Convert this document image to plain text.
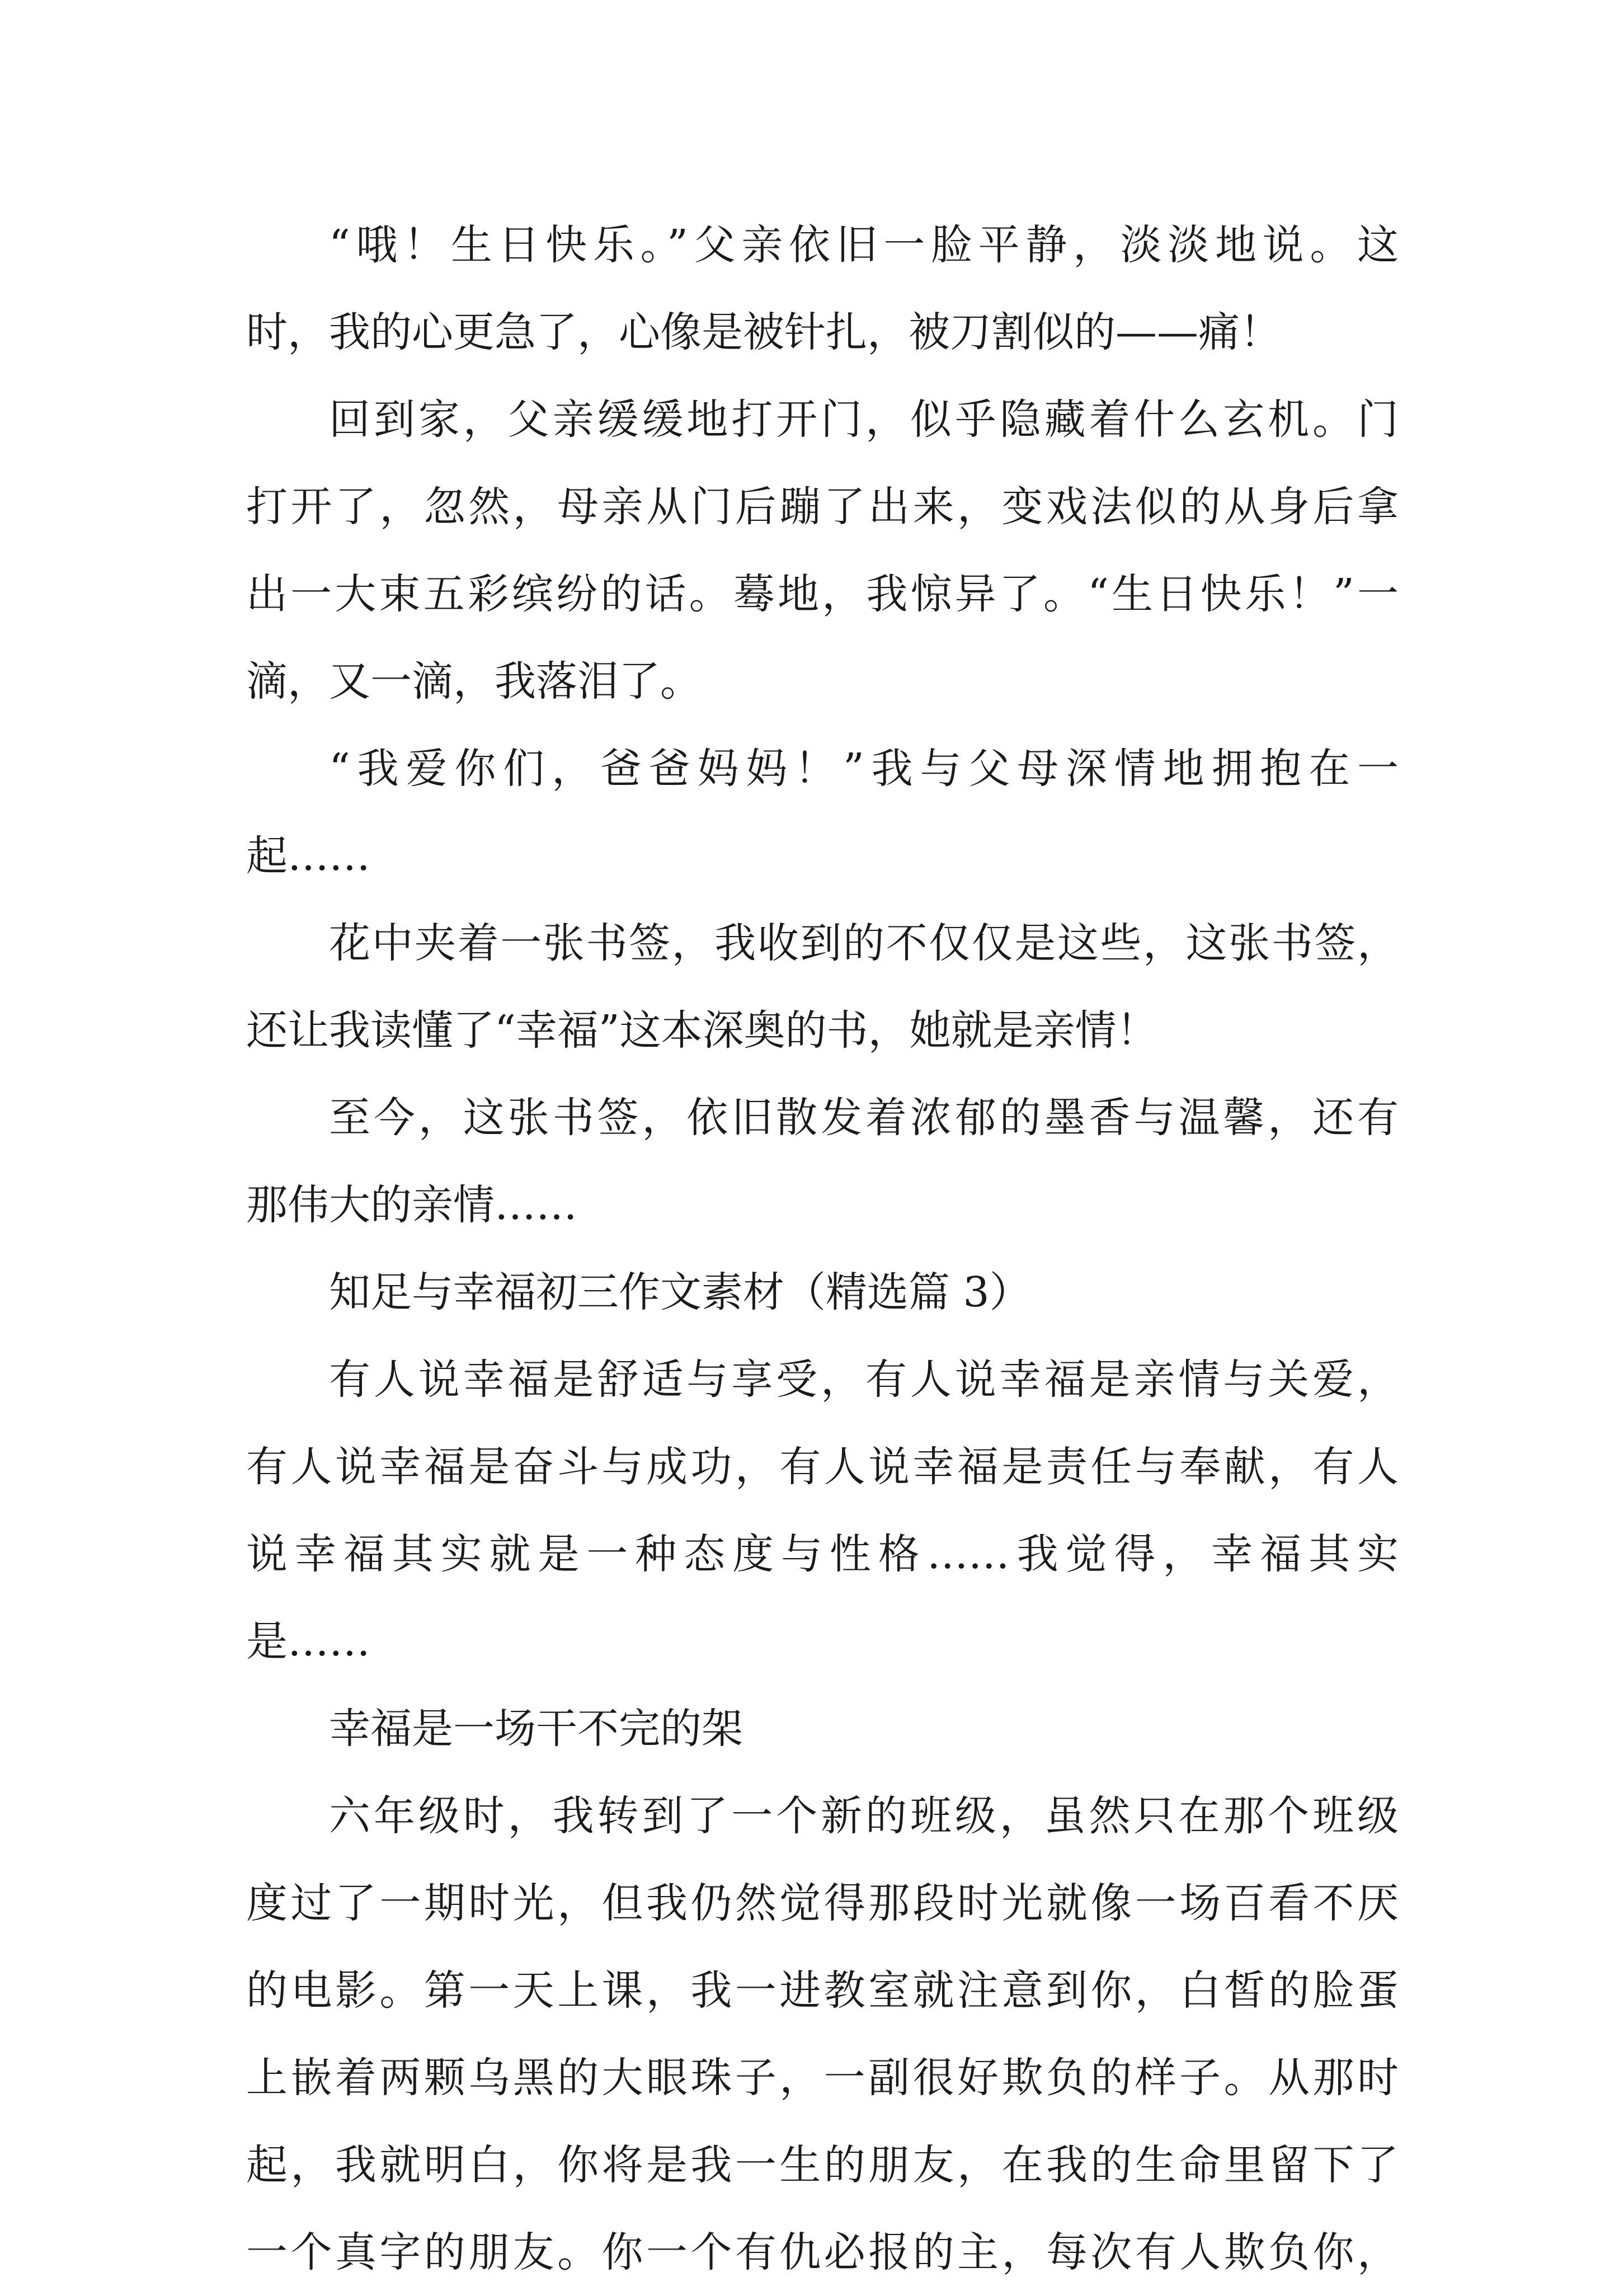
“哦！生日快乐。”父亲依旧一脸平静，淡淡地说。这
时，我的心更急了，心像是被针扎，被刀割似的——痛！
回到家，父亲缓缓地打开门，似乎隐藏着什么玄机。门
打开了，忽然，母亲从门后蹦了出来，变戏法似的从身后拿
出一大束五彩缤纷的话。蓦地，我惊异了。“生日快乐！”一
滴，又一滴，我落泪了。
“我爱你们，爸爸妈妈！”我与父母深情地拥抱在一
起……
花中夹着一张书签，我收到的不仅仅是这些，这张书签，
还让我读懂了“幸福”这本深奥的书，她就是亲情！
至今，这张书签，依旧散发着浓郁的墨香与温馨，还有
那伟大的亲情……
知足与幸福初三作文素材（精选篇 3）
有人说幸福是舒适与享受，有人说幸福是亲情与关爱，
有人说幸福是奋斗与成功，有人说幸福是责任与奉献，有人
说幸福其实就是一种态度与性格……我觉得，幸福其实
是……
幸福是一场干不完的架
六年级时，我转到了一个新的班级，虽然只在那个班级
度过了一期时光，但我仍然觉得那段时光就像一场百看不厌
的电影。第一天上课，我一进教室就注意到你，白皙的脸蛋
上嵌着两颗乌黑的大眼珠子，一副很好欺负的样子。从那时
起，我就明白，你将是我一生的朋友，在我的生命里留下了
一个真字的朋友。你一个有仇必报的主，每次有人欺负你，
